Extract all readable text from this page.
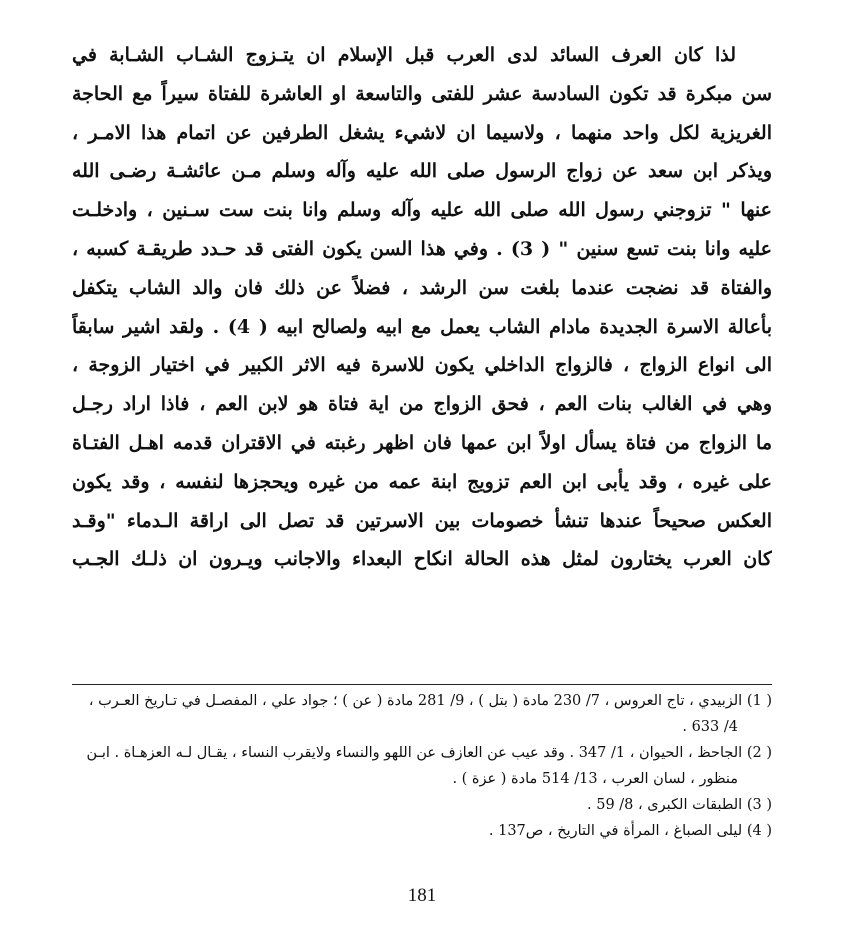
لذا كان العرف السائد لدى العرب قبل الإسلام ان يتـزوج الشـاب الشـابة في
سن مبكرة قد تكون السادسة عشر للفتى والتاسعة او العاشرة للفتاة سيراً مع الحاجة
الغريزية لكل واحد منهما ، ولاسيما ان لاشيء يشغل الطرفين عن اتمام هذا الامـر ،
ويذكر ابن سعد عن زواج الرسول صلى الله عليه وآله وسلم مـن عائشـة رضـى الله
عنها " تزوجني رسول الله صلى الله عليه وآله وسلم وانا بنت ست سـنين ، وادخلـت
عليه وانا بنت تسع سنين " ( 3) . وفي هذا السن يكون الفتى قد حـدد طريقـة كسبه ،
والفتاة قد نضجت عندما بلغت سن الرشد ، فضلاً عن ذلك فان والد الشاب يتكفل
بأعالة الاسرة الجديدة مادام الشاب يعمل مع ابيه ولصالح ابيه ( 4) . ولقد اشير سابقاً
الى انواع الزواج ، فالزواج الداخلي يكون للاسرة فيه الاثر الكبير في اختيار الزوجة ،
وهي في الغالب بنات العم ، فحق الزواج من اية فتاة هو لابن العم ، فاذا اراد رجـل
ما الزواج من فتاة يسأل اولاً ابن عمها فان اظهر رغبته في الاقتران قدمه اهـل الفتـاة
على غيره ، وقد يأبى ابن العم تزويج ابنة عمه من غيره ويحجزها لنفسه ، وقد يكون
العكس صحيحاً عندها تنشأ خصومات بين الاسرتين قد تصل الى اراقة الـدماء "وقـد
كان العرب يختارون لمثل هذه الحالة انكاح البعداء والاجانب ويـرون ان ذلـك الجـب
( 1) الزبيدي ، تاج العروس ، 7/ 230 مادة ( بتل ) ، 9/ 281 مادة ( عن ) ؛ جواد علي ، المفصـل في تـاريخ العـرب ،
4/ 633 .
( 2) الجاحظ ، الحيوان ، 1/ 347 . وقد عيب عن العازف عن اللهو والنساء ولايقرب النساء ، يقـال لـه العزهـاة . ابـن
منظور ، لسان العرب ، 13/ 514 مادة ( عزة ) .
( 3) الطبقات الكبرى ، 8/ 59 .
( 4) ليلى الصباغ ، المرأة في التاريخ ، ص137 .
181
